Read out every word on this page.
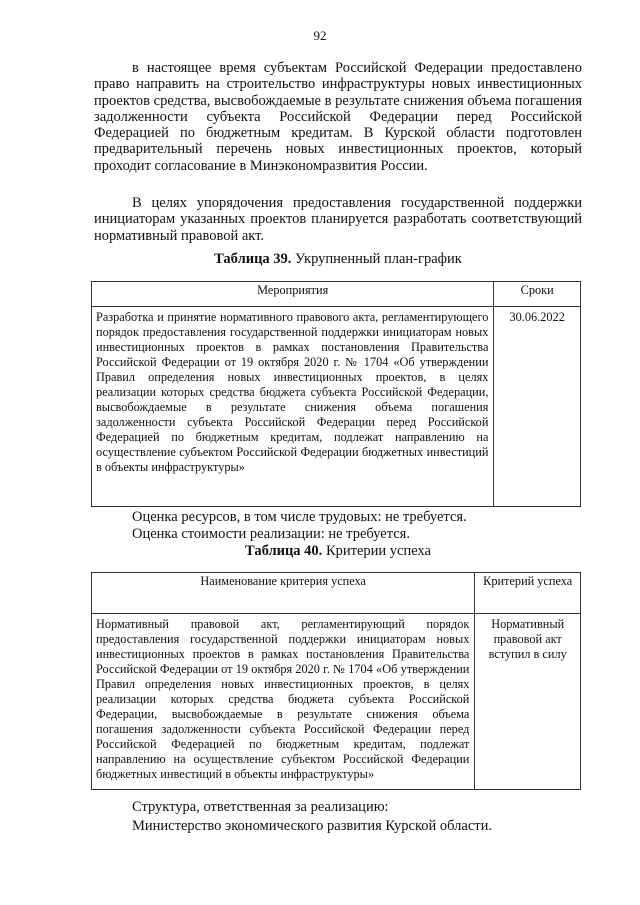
92

в настоящее время субъектам Российской Федерации предоставлено право направить на строительство инфраструктуры новых инвестиционных проектов средства, высвобождаемые в результате снижения объема погашения задолженности субъекта Российской Федерации перед Российской Федерацией по бюджетным кредитам. В Курской области подготовлен предварительный перечень новых инвестиционных проектов, который проходит согласование в Минэкономразвития России.

В целях упорядочения предоставления государственной поддержки инициаторам указанных проектов планируется разработать соответствующий нормативный правовой акт.

Таблица 39. Укрупненный план-график
Мероприятия	Сроки
Разработка и принятие нормативного правового акта, регламентирующего порядок предоставления государственной поддержки инициаторам новых инвестиционных проектов в рамках постановления Правительства Российской Федерации от 19 октября 2020 г. № 1704 «Об утверждении Правил определения новых инвестиционных проектов, в целях реализации которых средства бюджета субъекта Российской Федерации, высвобождаемые в результате снижения объема погашения задолженности субъекта Российской Федерации перед Российской Федерацией по бюджетным кредитам, подлежат направлению на осуществление субъектом Российской Федерации бюджетных инвестиций в объекты инфраструктуры»	30.06.2022

Оценка ресурсов, в том числе трудовых: не требуется.

Оценка стоимости реализации: не требуется.

Таблица 40. Критерии успеха
Наименование критерия успеха	Критерий успеха
Нормативный правовой акт, регламентирующий порядок предоставления государственной поддержки инициаторам новых инвестиционных проектов в рамках постановления Правительства Российской Федерации от 19 октября 2020 г. № 1704 «Об утверждении Правил определения новых инвестиционных проектов, в целях реализации которых средства бюджета субъекта Российской Федерации, высвобождаемые в результате снижения объема погашения задолженности субъекта Российской Федерации перед Российской Федерацией по бюджетным кредитам, подлежат направлению на осуществление субъектом Российской Федерации бюджетных инвестиций в объекты инфраструктуры»	Нормативный правовой акт вступил в силу

Структура, ответственная за реализацию:

Министерство экономического развития Курской области.
